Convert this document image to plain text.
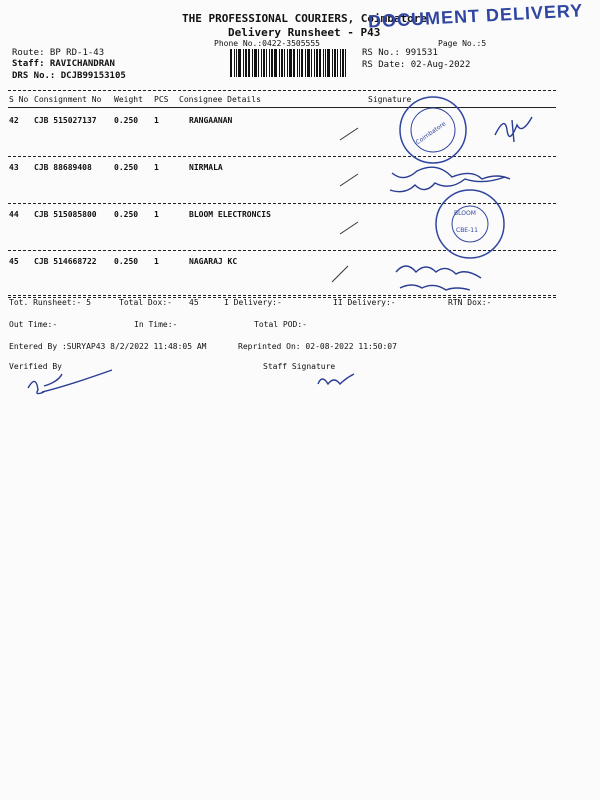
THE PROFESSIONAL COURIERS, Coimbatore
DOCUMENT DELIVERY
Delivery Runsheet - P43
Phone No.:0422-3505555	Page No.:5
Route: BP RD-1-43
Staff: RAVICHANDRAN
DRS No.: DCJB99153105
RS No.: 991531
RS Date: 02-Aug-2022
S No Consignment No Weight PCS Consignee Details	Signature
42 CJB 515027137 0.250 1	RANGAANAN
43 CJB 88689408	0.250 1	NIRMALA
44 CJB 515085800 0.250 1	BLOOM ELECTRONCIS
45 CJB 514668722 0.250 1	NAGARAJ KC
Coimbatore
BLOOM
CBE-11
Tot. Runsheet:- 5	Total Dox:- 45	I Delivery:-	II Delivery:-	RTN Dox:-
Out Time:-	In Time:-	Total POD:-
Entered By :SURYAP43 8/2/2022 11:48:05 AM	Reprinted On: 02-08-2022 11:50:07
Verified By	Staff Signature
